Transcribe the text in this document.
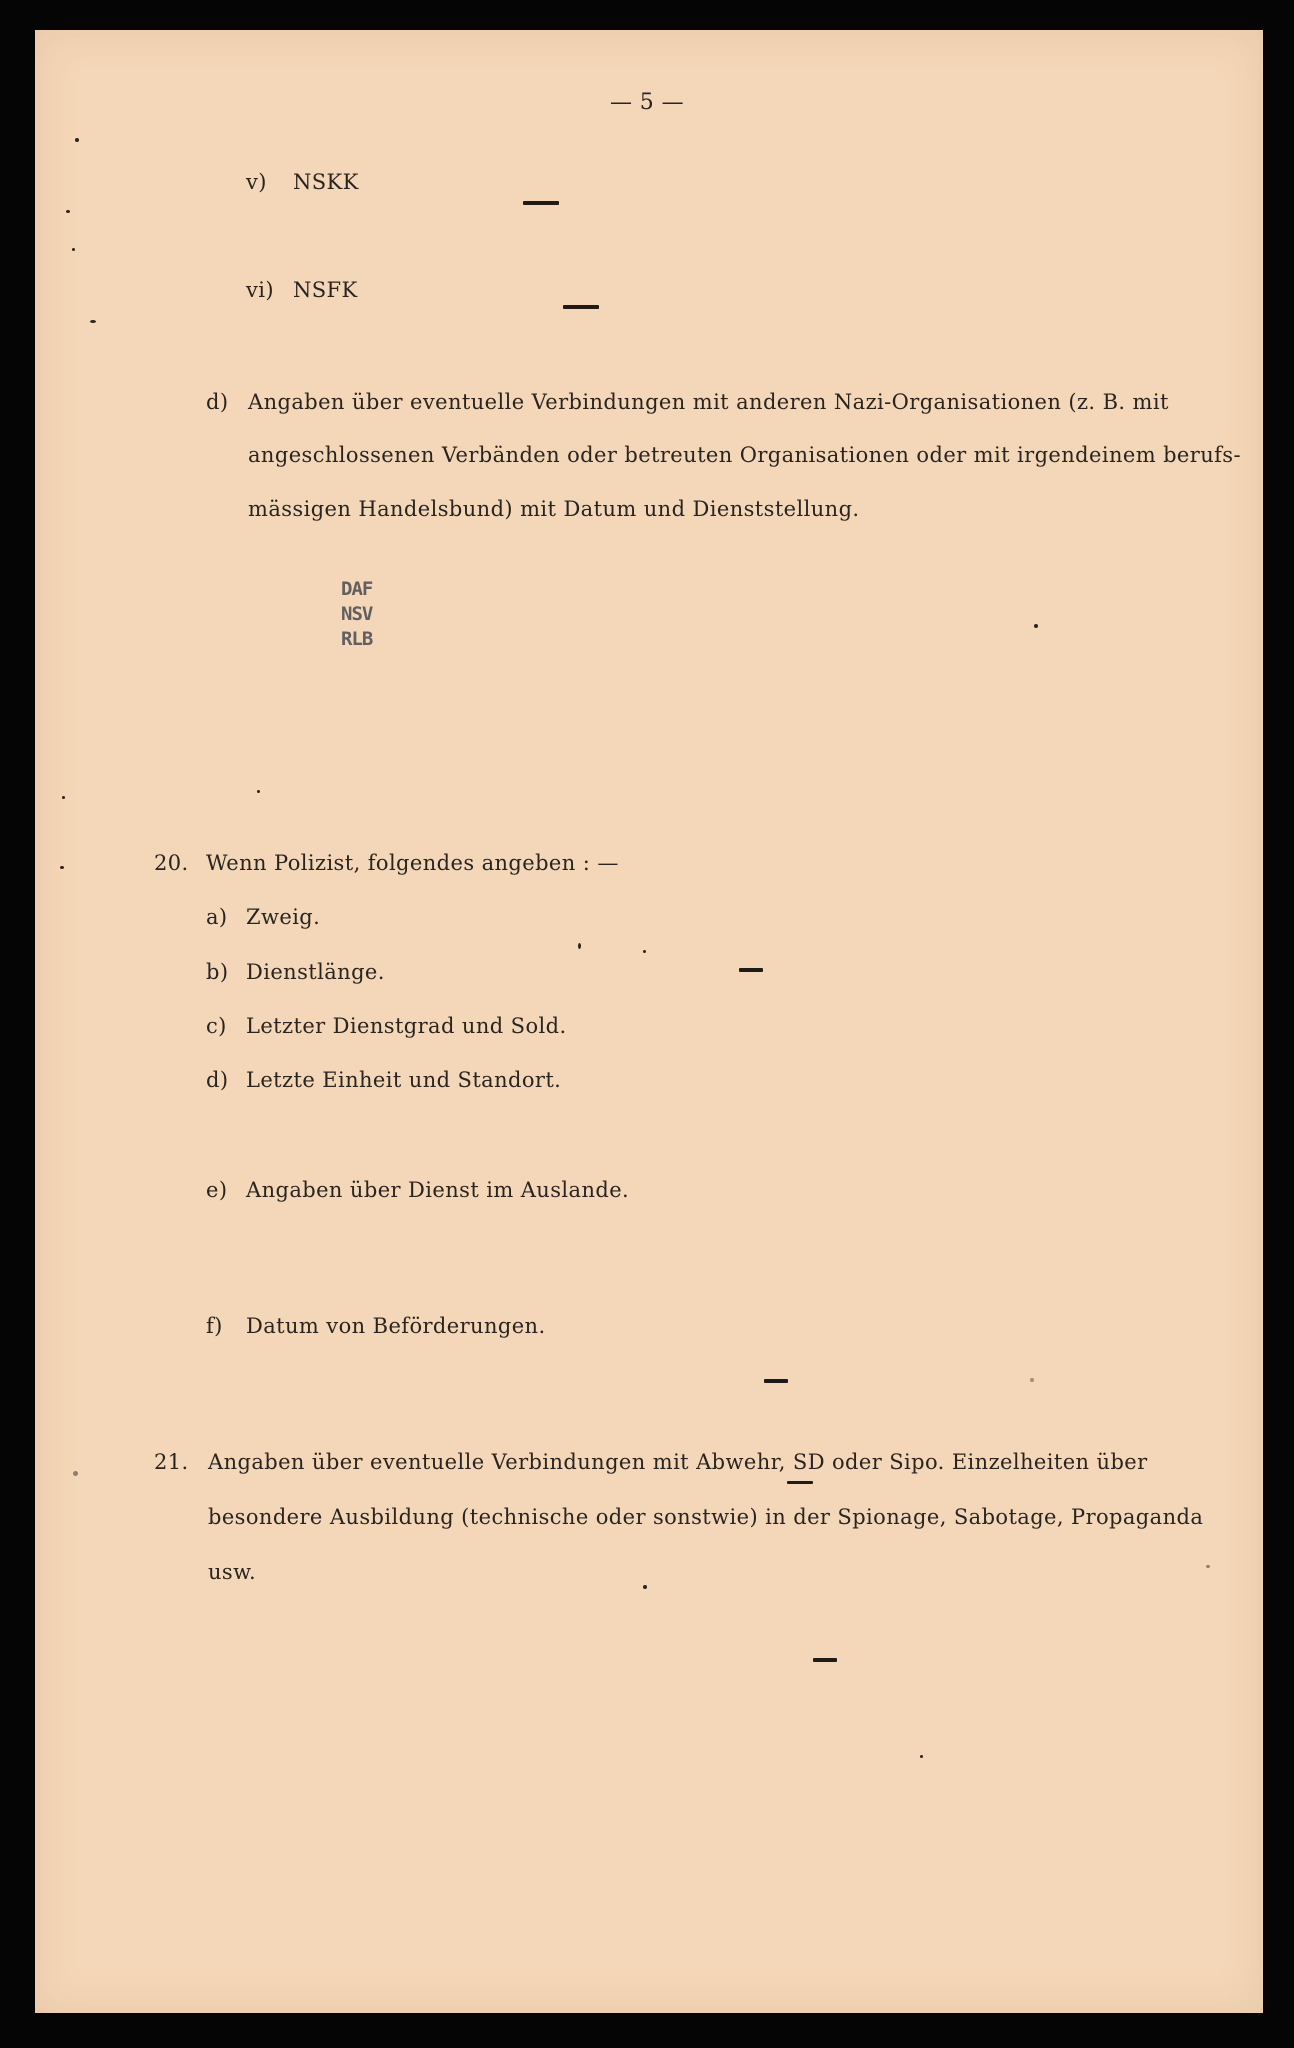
— 5 —
v) NSKK
vi) NSFK
d) Angaben über eventuelle Verbindungen mit anderen Nazi-Organisationen (z. B. mit
angeschlossenen Verbänden oder betreuten Organisationen oder mit irgendeinem berufs-
mässigen Handelsbund) mit Datum und Dienststellung.
DAF
NSV
RLB
20. Wenn Polizist, folgendes angeben : —
a) Zweig.
b) Dienstlänge.
c) Letzter Dienstgrad und Sold.
d) Letzte Einheit und Standort.
e) Angaben über Dienst im Auslande.
f) Datum von Beförderungen.
21. Angaben über eventuelle Verbindungen mit Abwehr, SD oder Sipo. Einzelheiten über
besondere Ausbildung (technische oder sonstwie) in der Spionage, Sabotage, Propaganda
usw.
